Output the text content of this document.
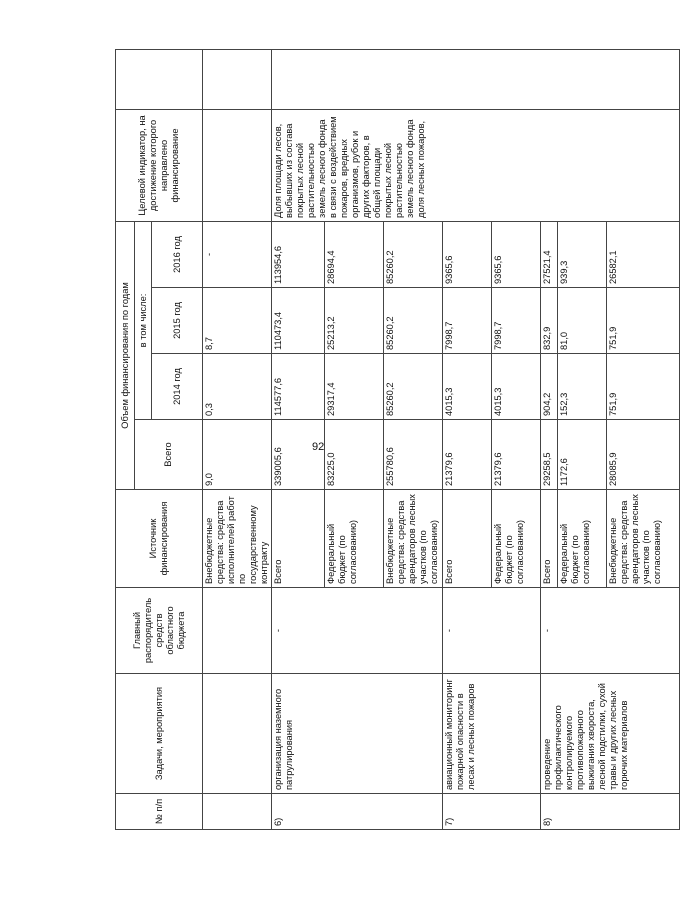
92
№ п/п	Задачи, мероприятия	Главный распорядитель средств областного бюджета	Источник финансирования	Объем финансирования по годам				Целевой индикатор, на достижение которого направлено финансирование	
				Всего	в том числе:				
					2014 год	2015 год	2016 год		
			Внебюджетные средства: средства исполнителей работ по государственному контракту	9,0	0,3	8,7	-		
6)	организация наземного патрулирования	-	Всего	339005,6	114577,6	110473,4	113954,6	Доля площади лесов, выбывших из состава покрытых лесной растительностью земель лесного фонда в связи с воздействием пожаров, вредных организмов, рубок и других факторов, в общей площади покрытых лесной растительностью земель лесного фонда доля лесных пожаров,	
			Федеральный бюджет (по согласованию)	83225,0	29317,4	25213,2	28694,4		
			Внебюджетные средства: средства арендаторов лесных участков (по согласованию)	255780,6	85260,2	85260,2	85260,2		
7)	авиационный мониторинг пожарной опасности в лесах и лесных пожаров	-	Всего	21379,6	4015,3	7998,7	9365,6		
			Федеральный бюджет (по согласованию)	21379,6	4015,3	7998,7	9365,6		
8)	проведение профилактического контролируемого противопожарного выжигания хвороста, лесной подстилки, сухой травы и других лесных горючих материалов	-	Всего	29258,5	904,2	832,9	27521,4		
			Федеральный бюджет (по согласованию)	1172,6	152,3	81,0	939,3		
			Внебюджетные средства: средства арендаторов лесных участков (по согласованию)	28085,9	751,9	751,9	26582,1		
